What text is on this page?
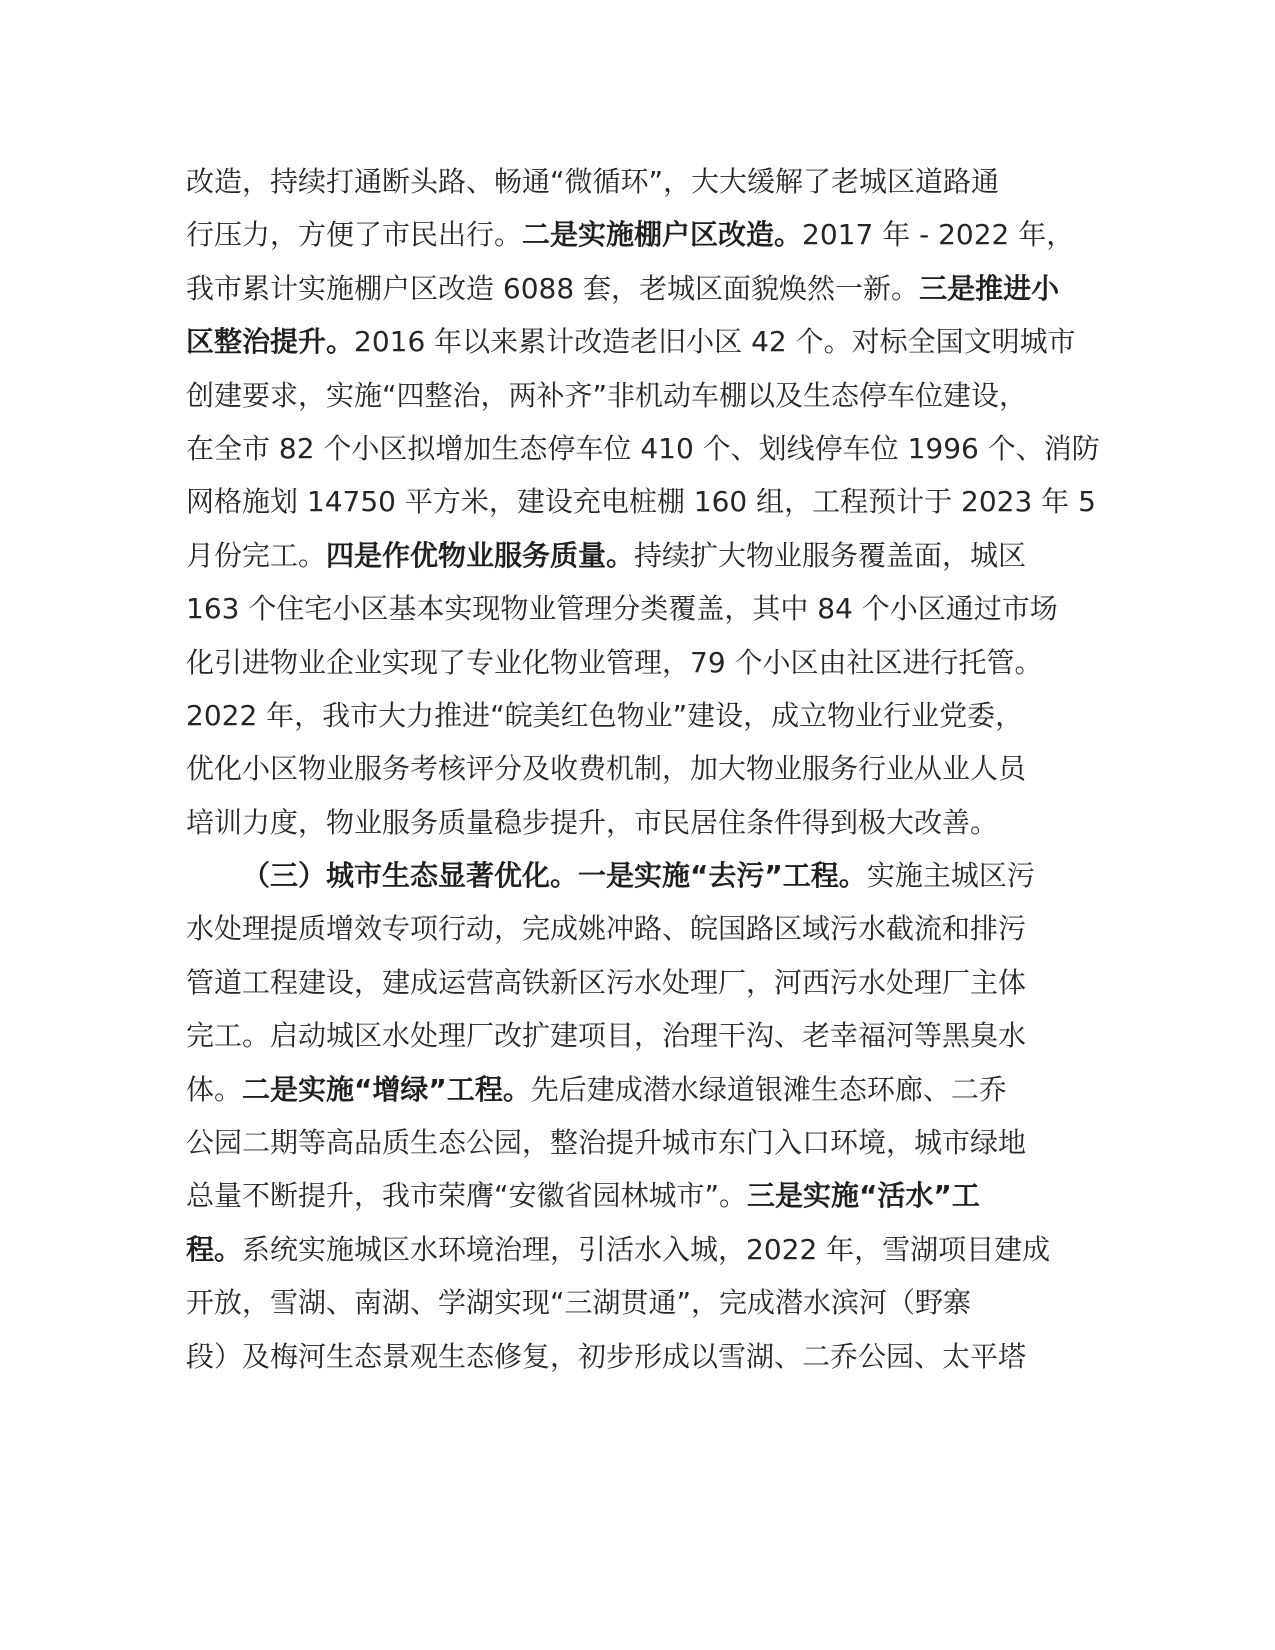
改造，持续打通断头路、畅通“微循环”，大大缓解了老城区道路通
行压力，方便了市民出行。二是实施棚户区改造。2017 年 - 2022 年，
我市累计实施棚户区改造 6088 套，老城区面貌焕然一新。三是推进小
区整治提升。2016 年以来累计改造老旧小区 42 个。对标全国文明城市
创建要求，实施“四整治，两补齐”非机动车棚以及生态停车位建设，
在全市 82 个小区拟增加生态停车位 410 个、划线停车位 1996 个、消防
网格施划 14750 平方米，建设充电桩棚 160 组，工程预计于 2023 年 5
月份完工。四是作优物业服务质量。持续扩大物业服务覆盖面，城区
163 个住宅小区基本实现物业管理分类覆盖，其中 84 个小区通过市场
化引进物业企业实现了专业化物业管理，79 个小区由社区进行托管。
2022 年，我市大力推进“皖美红色物业”建设，成立物业行业党委，
优化小区物业服务考核评分及收费机制，加大物业服务行业从业人员
培训力度，物业服务质量稳步提升，市民居住条件得到极大改善。
（三）城市生态显著优化。一是实施“去污”工程。实施主城区污
水处理提质增效专项行动，完成姚冲路、皖国路区域污水截流和排污
管道工程建设，建成运营高铁新区污水处理厂，河西污水处理厂主体
完工。启动城区水处理厂改扩建项目，治理干沟、老幸福河等黑臭水
体。二是实施“增绿”工程。先后建成潜水绿道银滩生态环廊、二乔
公园二期等高品质生态公园，整治提升城市东门入口环境，城市绿地
总量不断提升，我市荣膺“安徽省园林城市”。三是实施“活水”工
程。系统实施城区水环境治理，引活水入城，2022 年，雪湖项目建成
开放，雪湖、南湖、学湖实现“三湖贯通”，完成潜水滨河（野寨
段）及梅河生态景观生态修复，初步形成以雪湖、二乔公园、太平塔
